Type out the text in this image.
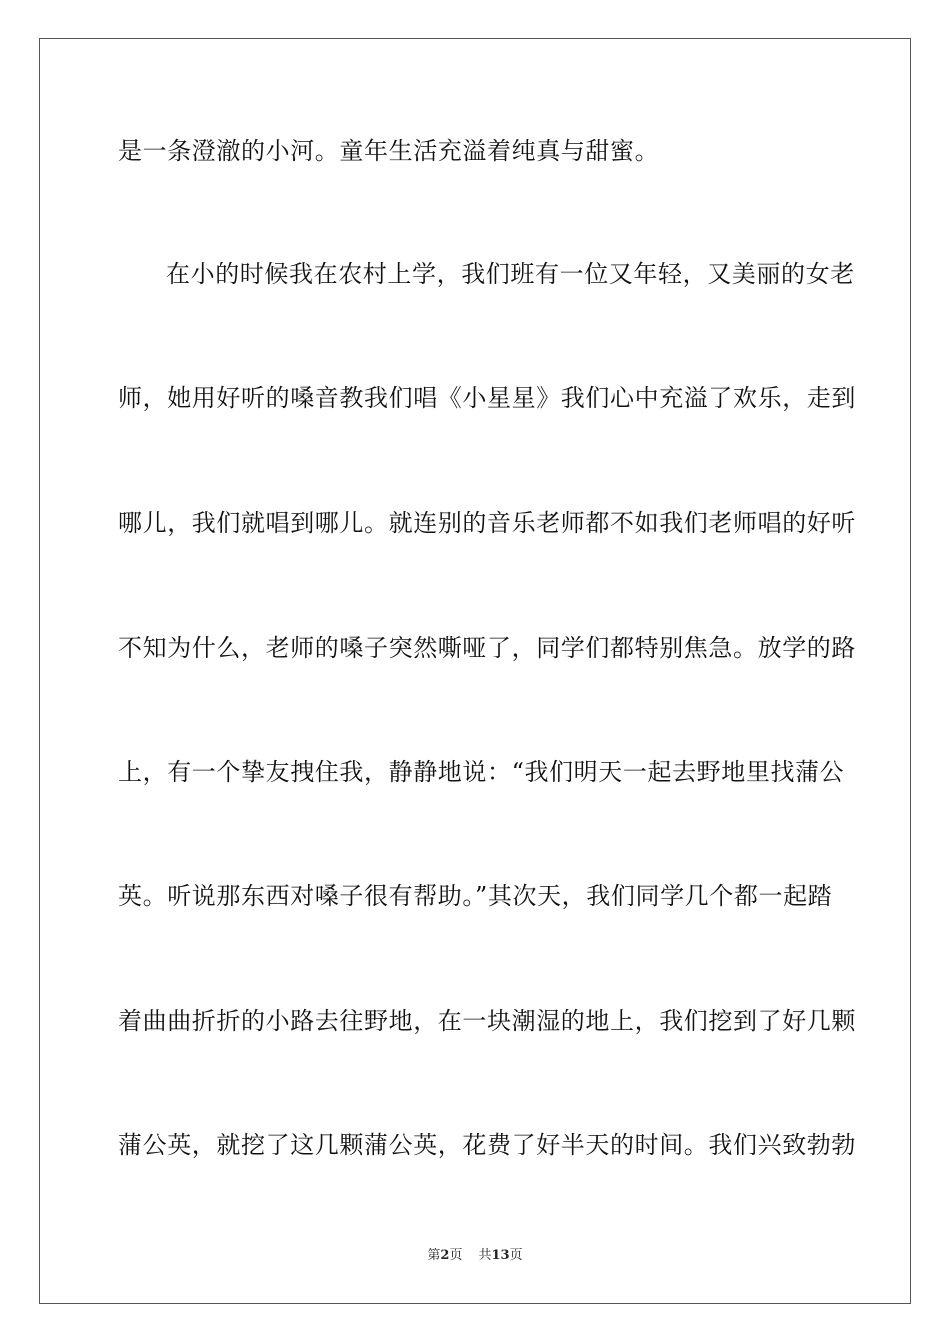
是一条澄澈的小河。童年生活充溢着纯真与甜蜜。
在小的时候我在农村上学，我们班有一位又年轻，又美丽的女老
师，她用好听的嗓音教我们唱《小星星》我们心中充溢了欢乐，走到
哪儿，我们就唱到哪儿。就连别的音乐老师都不如我们老师唱的好听
不知为什么，老师的嗓子突然嘶哑了，同学们都特别焦急。放学的路
上，有一个挚友拽住我，静静地说：“我们明天一起去野地里找蒲公
英。听说那东西对嗓子很有帮助。”其次天，我们同学几个都一起踏
着曲曲折折的小路去往野地，在一块潮湿的地上，我们挖到了好几颗
蒲公英，就挖了这几颗蒲公英，花费了好半天的时间。我们兴致勃勃
第2页 共13页
